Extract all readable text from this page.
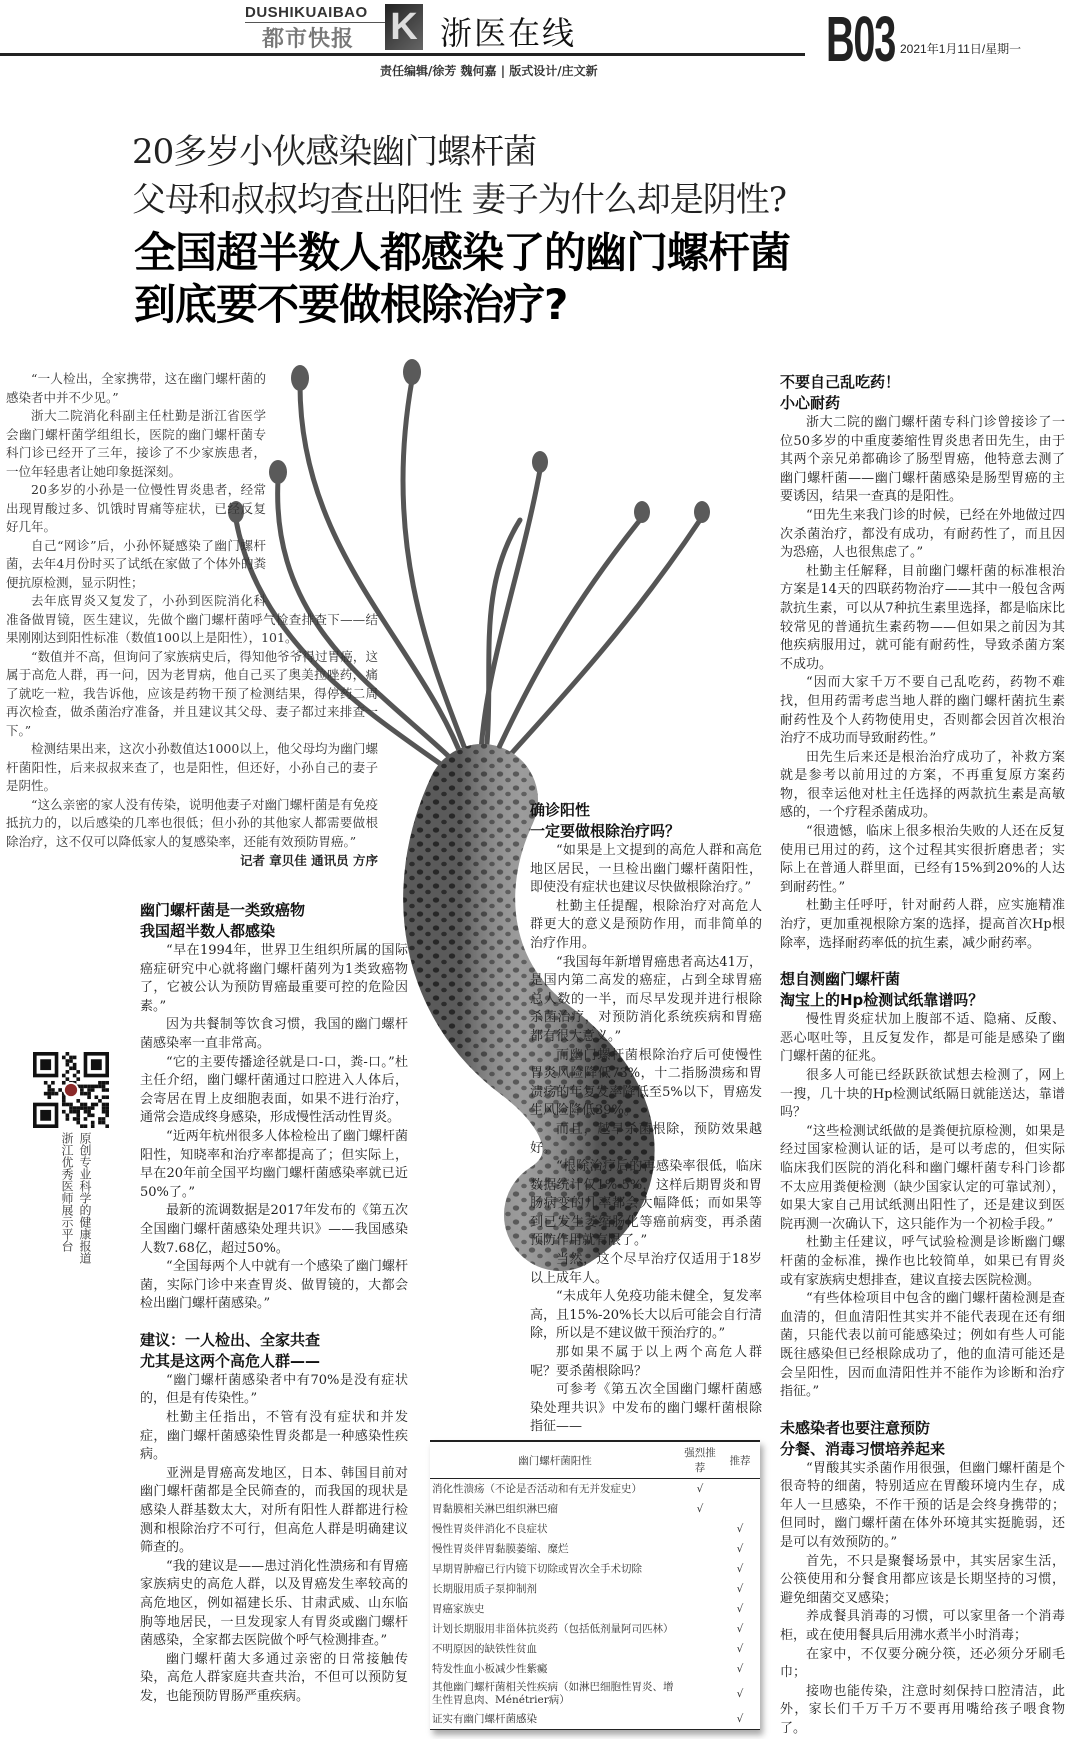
DUSHIKUAIBAO
都市快报 K 浙医在线	B03 2021年1月11日/星期一
责任编辑/徐芳 魏何嘉 | 版式设计/庄文新
20多岁小伙感染幽门螺杆菌
父母和叔叔均查出阳性 妻子为什么却是阴性?
全国超半数人都感染了的幽门螺杆菌
到底要不要做根除治疗?

“一人检出，全家携带，这在幽门螺杆菌的感染者中并不少见。”

浙大二院消化科副主任杜勤是浙江省医学会幽门螺杆菌学组组长，医院的幽门螺杆菌专科门诊已经开了三年，接诊了不少家族患者，一位年轻患者让她印象挺深刻。

20多岁的小孙是一位慢性胃炎患者，经常出现胃酸过多、饥饿时胃痛等症状，已经反复好几年。

自己“网诊”后，小孙怀疑感染了幽门螺杆菌，去年4月份时买了试纸在家做了个体外的粪便抗原检测，显示阴性；

去年底胃炎又复发了，小孙到医院消化科准备做胃镜，医生建议，先做个幽门螺杆菌呼气检查排查下——结果刚刚达到阳性标准（数值100以上是阳性），101。

“数值并不高，但询问了家族病史后，得知他爷爷得过胃癌，这属于高危人群，再一问，因为老胃病，他自己买了奥美拉唑药，痛了就吃一粒，我告诉他，应该是药物干预了检测结果，得停药二周再次检查，做杀菌治疗准备，并且建议其父母、妻子都过来排查一下。”

检测结果出来，这次小孙数值达1000以上，他父母均为幽门螺杆菌阳性，后来叔叔来查了，也是阳性，但还好，小孙自己的妻子是阴性。

“这么亲密的家人没有传染，说明他妻子对幽门螺杆菌是有免疫抵抗力的，以后感染的几率也很低；但小孙的其他家人都需要做根除治疗，这不仅可以降低家人的复感染率，还能有效预防胃癌。”

记者 章贝佳 通讯员 方序
原创专业科学的健康报道
浙江优秀医师展示平台
幽门螺杆菌是一类致癌物
我国超半数人都感染

“早在1994年，世界卫生组织所属的国际癌症研究中心就将幽门螺杆菌列为1类致癌物了，它被公认为预防胃癌最重要可控的危险因素。”

因为共餐制等饮食习惯，我国的幽门螺杆菌感染率一直非常高。

“它的主要传播途径就是口-口，粪-口。”杜主任介绍，幽门螺杆菌通过口腔进入人体后，会寄居在胃上皮细胞表面，如果不进行治疗，通常会造成终身感染，形成慢性活动性胃炎。

“近两年杭州很多人体检检出了幽门螺杆菌阳性，知晓率和治疗率都提高了；但实际上，早在20年前全国平均幽门螺杆菌感染率就已近50%了。”

最新的流调数据是2017年发布的《第五次全国幽门螺杆菌感染处理共识》——我国感染人数7.68亿，超过50%。

“全国每两个人中就有一个感染了幽门螺杆菌，实际门诊中来查胃炎、做胃镜的，大都会检出幽门螺杆菌感染。”

建议：一人检出、全家共查
尤其是这两个高危人群——

“幽门螺杆菌感染者中有70%是没有症状的，但是有传染性。”

杜勤主任指出，不管有没有症状和并发症，幽门螺杆菌感染性胃炎都是一种感染性疾病。

亚洲是胃癌高发地区，日本、韩国目前对幽门螺杆菌都是全民筛查的，而我国的现状是感染人群基数太大，对所有阳性人群都进行检测和根除治疗不可行，但高危人群是明确建议筛查的。

“我的建议是——患过消化性溃疡和有胃癌家族病史的高危人群，以及胃癌发生率较高的高危地区，例如福建长乐、甘肃武威、山东临朐等地居民，一旦发现家人有胃炎或幽门螺杆菌感染，全家都去医院做个呼气检测排查。”

幽门螺杆菌大多通过亲密的日常接触传染，高危人群家庭共查共治，不但可以预防复发，也能预防胃肠严重疾病。

确诊阳性
一定要做根除治疗吗？

“如果是上文提到的高危人群和高危地区居民，一旦检出幽门螺杆菌阳性，即使没有症状也建议尽快做根除治疗。”

杜勤主任提醒，根除治疗对高危人群更大的意义是预防作用，而非简单的治疗作用。

“我国每年新增胃癌患者高达41万，是国内第二高发的癌症，占到全球胃癌总人数的一半，而尽早发现并进行根除杀菌治疗，对预防消化系统疾病和胃癌都有很大意义。”

而幽门螺杆菌根除治疗后可使慢性胃炎风险降低73%，十二指肠溃疡和胃溃疡的年复发率降低至5%以下，胃癌发生风险降低39%。

而且，越早杀菌根除，预防效果越好。

“根除治疗后的再感染率很低，临床数据统计仅1%-5%，这样后期胃炎和胃肠病变的几率都会大幅降低；而如果等到已发生萎缩肠化等癌前病变，再杀菌预防作用就有限了。”

当然，这个尽早治疗仅适用于18岁以上成年人。

“未成年人免疫功能未健全，复发率高，且15%-20%长大以后可能会自行清除，所以是不建议做干预治疗的。”

那如果不属于以上两个高危人群呢？要杀菌根除吗？

可参考《第五次全国幽门螺杆菌感染处理共识》中发布的幽门螺杆菌根除指征——

不要自己乱吃药！
小心耐药

浙大二院的幽门螺杆菌专科门诊曾接诊了一位50多岁的中重度萎缩性胃炎患者田先生，由于其两个亲兄弟都确诊了肠型胃癌，他特意去测了幽门螺杆菌——幽门螺杆菌感染是肠型胃癌的主要诱因，结果一查真的是阳性。

“田先生来我门诊的时候，已经在外地做过四次杀菌治疗，都没有成功，有耐药性了，而且因为恐癌，人也很焦虑了。”

杜勤主任解释，目前幽门螺杆菌的标准根治方案是14天的四联药物治疗——其中一般包含两款抗生素，可以从7种抗生素里选择，都是临床比较常见的普通抗生素药物——但如果之前因为其他疾病服用过，就可能有耐药性，导致杀菌方案不成功。

“因而大家千万不要自己乱吃药，药物不难找，但用药需考虑当地人群的幽门螺杆菌抗生素耐药性及个人药物使用史，否则都会因首次根治治疗不成功而导致耐药性。”

田先生后来还是根治治疗成功了，补救方案就是参考以前用过的方案，不再重复原方案药物，很幸运他对杜主任选择的两款抗生素是高敏感的，一个疗程杀菌成功。

“很遗憾，临床上很多根治失败的人还在反复使用已用过的药，这个过程其实很折磨患者；实际上在普通人群里面，已经有15%到20%的人达到耐药性。”

杜勤主任呼吁，针对耐药人群，应实施精准治疗，更加重视根除方案的选择，提高首次Hp根除率，选择耐药率低的抗生素，减少耐药率。

想自测幽门螺杆菌
淘宝上的Hp检测试纸靠谱吗？

慢性胃炎症状加上腹部不适、隐痛、反酸、恶心呕吐等，且反复发作，都是可能是感染了幽门螺杆菌的征兆。

很多人可能已经跃跃欲试想去检测了，网上一搜，几十块的Hp检测试纸隔日就能送达，靠谱吗？

“这些检测试纸做的是粪便抗原检测，如果是经过国家检测认证的话，是可以考虑的，但实际临床我们医院的消化科和幽门螺杆菌专科门诊都不太应用粪便检测（缺少国家认定的可靠试剂），如果大家自己用试纸测出阳性了，还是建议到医院再测一次确认下，这只能作为一个初检手段。”

杜勤主任建议，呼气试验检测是诊断幽门螺杆菌的金标准，操作也比较简单，如果已有胃炎或有家族病史想排查，建议直接去医院检测。

“有些体检项目中包含的幽门螺杆菌检测是查血清的，但血清阳性其实并不能代表现在还有细菌，只能代表以前可能感染过；例如有些人可能既往感染但已经根除成功了，他的血清可能还是会呈阳性，因而血清阳性并不能作为诊断和治疗指征。”

未感染者也要注意预防
分餐、消毒习惯培养起来

“胃酸其实杀菌作用很强，但幽门螺杆菌是个很奇特的细菌，特别适应在胃酸环境内生存，成年人一旦感染，不作干预的话是会终身携带的；但同时，幽门螺杆菌在体外环境其实挺脆弱，还是可以有效预防的。”

首先，不只是聚餐场景中，其实居家生活，公筷使用和分餐食用都应该是长期坚持的习惯，避免细菌交叉感染；

养成餐具消毒的习惯，可以家里备一个消毒柜，或在使用餐具后用沸水煮半小时消毒；

在家中，不仅要分碗分筷，还必须分牙刷毛巾；

接吻也能传染，注意时刻保持口腔清洁，此外，家长们千万千万不要再用嘴给孩子喂食物了。

幽门螺杆菌阳性	强烈推荐	推荐
消化性溃疡（不论是否活动和有无并发症史）	√	
胃黏膜相关淋巴组织淋巴瘤	√	
慢性胃炎伴消化不良症状		√
慢性胃炎伴胃黏膜萎缩、糜烂		√
早期胃肿瘤已行内镜下切除或胃次全手术切除		√
长期服用质子泵抑制剂		√
胃癌家族史		√
计划长期服用非甾体抗炎药（包括低剂量阿司匹林）		√
不明原因的缺铁性贫血		√
特发性血小板减少性紫癜		√
其他幽门螺杆菌相关性疾病（如淋巴细胞性胃炎、增生性胃息肉、Ménétrier病）		√
证实有幽门螺杆菌感染		√
